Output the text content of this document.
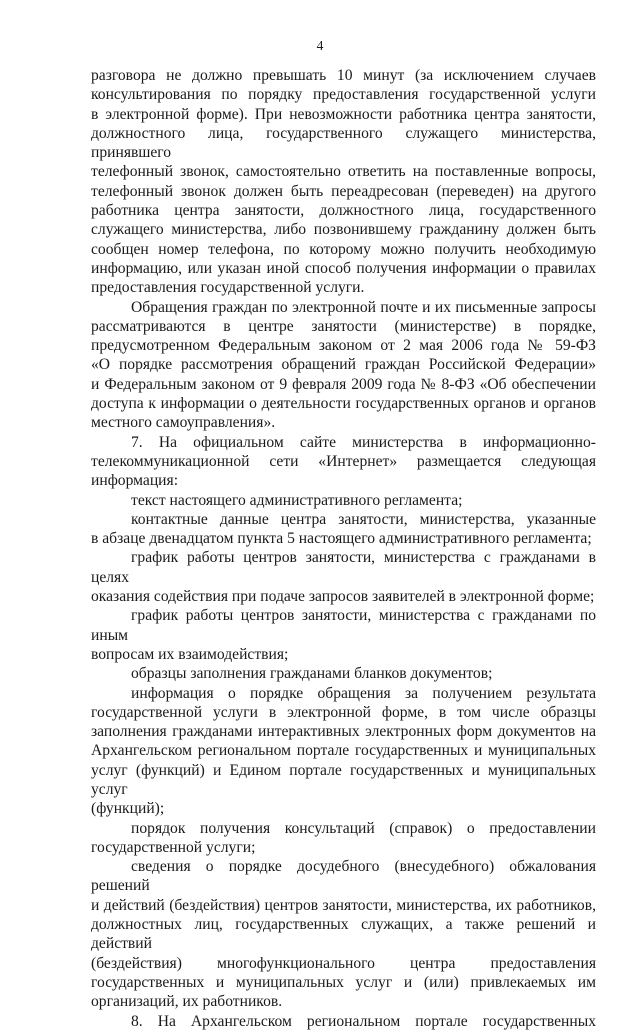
4

разговора не должно превышать 10 минут (за исключением случаев

консультирования по порядку предоставления государственной услуги

в электронной форме). При невозможности работника центра занятости,

должностного лица, государственного служащего министерства, принявшего

телефонный звонок, самостоятельно ответить на поставленные вопросы,

телефонный звонок должен быть переадресован (переведен) на другого

работника центра занятости, должностного лица, государственного

служащего министерства, либо позвонившему гражданину должен быть

сообщен номер телефона, по которому можно получить необходимую

информацию, или указан иной способ получения информации о правилах

предоставления государственной услуги.

Обращения граждан по электронной почте и их письменные запросы

рассматриваются в центре занятости (министерстве) в порядке,

предусмотренном Федеральным законом от 2 мая 2006 года № 59-ФЗ

«О порядке рассмотрения обращений граждан Российской Федерации»

и Федеральным законом от 9 февраля 2009 года № 8-ФЗ «Об обеспечении

доступа к информации о деятельности государственных органов и органов

местного самоуправления».

7. На официальном сайте министерства в информационно-

телекоммуникационной сети «Интернет» размещается следующая

информация:

текст настоящего административного регламента;

контактные данные центра занятости, министерства, указанные

в абзаце двенадцатом пункта 5 настоящего административного регламента;

график работы центров занятости, министерства с гражданами в целях

оказания содействия при подаче запросов заявителей в электронной форме;

график работы центров занятости, министерства с гражданами по иным

вопросам их взаимодействия;

образцы заполнения гражданами бланков документов;

информация о порядке обращения за получением результата

государственной услуги в электронной форме, в том числе образцы

заполнения гражданами интерактивных электронных форм документов на

Архангельском региональном портале государственных и муниципальных

услуг (функций) и Едином портале государственных и муниципальных услуг

(функций);

порядок получения консультаций (справок) о предоставлении

государственной услуги;

сведения о порядке досудебного (внесудебного) обжалования решений

и действий (бездействия) центров занятости, министерства, их работников,

должностных лиц, государственных служащих, а также решений и действий

(бездействия) многофункционального центра предоставления

государственных и муниципальных услуг и (или) привлекаемых им

организаций, их работников.

8. На Архангельском региональном портале государственных
